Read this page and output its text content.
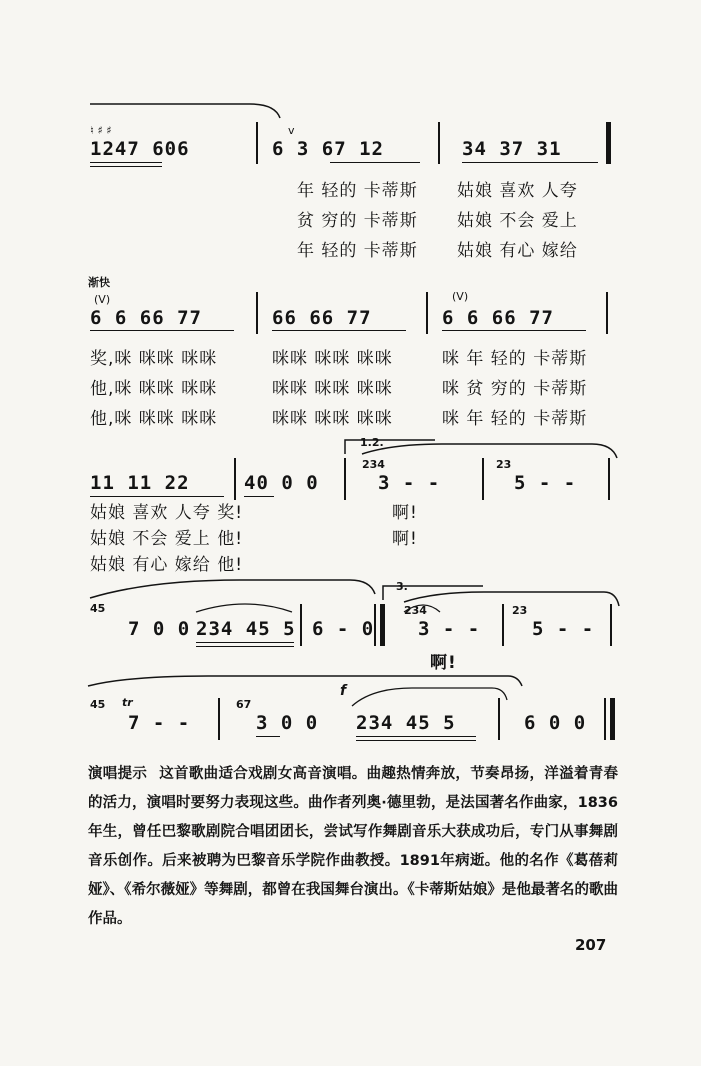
♮ ♯ ♯
1247 606
v
6 3 67 12	34 37 31
年 轻的 卡蒂斯 姑娘 喜欢 人夸
贫 穷的 卡蒂斯 姑娘 不会 爱上
年 轻的 卡蒂斯 姑娘 有心 嫁给
渐快
(V)	(V)
6 6 66 77	66 66 77	6 6 66 77
奖,咪 咪咪 咪咪	咪咪 咪咪 咪咪	咪 年 轻的 卡蒂斯
他,咪 咪咪 咪咪	咪咪 咪咪 咪咪	咪 贫 穷的 卡蒂斯
他,咪 咪咪 咪咪	咪咪 咪咪 咪咪	咪 年 轻的 卡蒂斯
1.2.
11 11 22	40 0 0
234
3 - -
23
5 - -
姑娘 喜欢 人夸 奖!	啊!
姑娘 不会 爱上 他!	啊!
姑娘 有心 嫁给 他!
3.
45
7 0 0 234 45 5 6 - 0
234
3 - -
23
5 - -
啊!
tr
f
45
7 - -
67
3 0 0 234 45 5	6 0 0
演唱提示 这首歌曲适合戏剧女高音演唱。曲趣热情奔放，节奏昂扬，洋溢着青春的活力，演唱时要努力表现这些。曲作者列奥·德里勃，是法国著名作曲家，1836年生，曾任巴黎歌剧院合唱团团长，尝试写作舞剧音乐大获成功后，专门从事舞剧音乐创作。后来被聘为巴黎音乐学院作曲教授。1891年病逝。他的名作《葛蓓莉娅》、《希尔薇娅》等舞剧，都曾在我国舞台演出。《卡蒂斯姑娘》是他最著名的歌曲作品。
207
